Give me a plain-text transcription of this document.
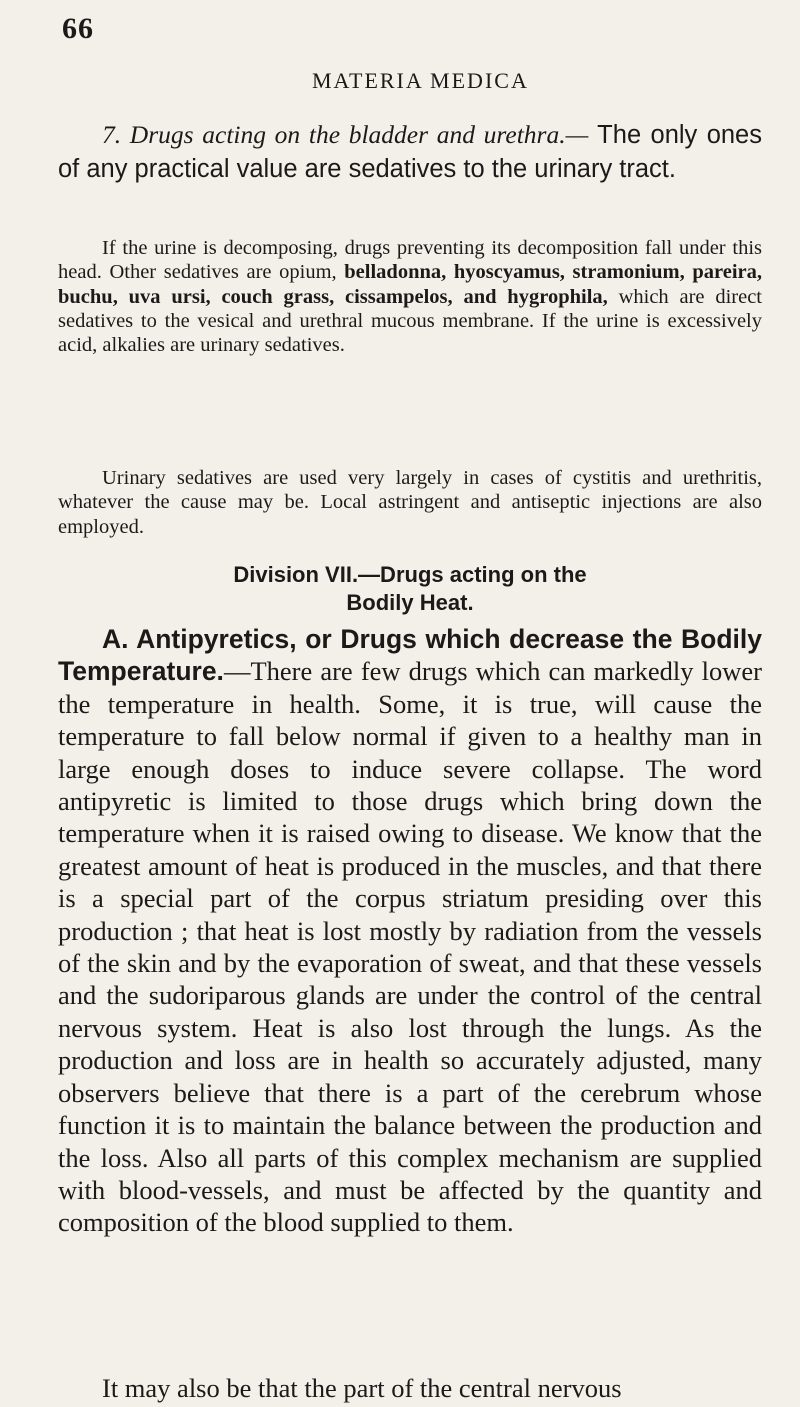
66
MATERIA MEDICA
7. Drugs acting on the bladder and urethra.— The only ones of any practical value are sedatives to the urinary tract.
If the urine is decomposing, drugs preventing its decomposition fall under this head. Other sedatives are opium, belladonna, hyoscyamus, stramonium, pareira, buchu, uva ursi, couch grass, cissampelos, and hygrophila, which are direct sedatives to the vesical and urethral mucous membrane. If the urine is excessively acid, alkalies are urinary sedatives.
Urinary sedatives are used very largely in cases of cystitis and urethritis, whatever the cause may be. Local astringent and antiseptic injections are also employed.
Division VII.—Drugs acting on the
Bodily Heat.
A. Antipyretics, or Drugs which decrease the Bodily Temperature.—There are few drugs which can markedly lower the temperature in health. Some, it is true, will cause the temperature to fall below normal if given to a healthy man in large enough doses to induce severe collapse. The word antipyretic is limited to those drugs which bring down the temperature when it is raised owing to disease. We know that the greatest amount of heat is produced in the muscles, and that there is a special part of the corpus striatum presiding over this production ; that heat is lost mostly by radiation from the vessels of the skin and by the evaporation of sweat, and that these vessels and the sudoriparous glands are under the control of the central nervous system. Heat is also lost through the lungs. As the production and loss are in health so accurately adjusted, many observers believe that there is a part of the cerebrum whose function it is to maintain the balance between the production and the loss. Also all parts of this complex mechanism are supplied with blood-vessels, and must be affected by the quantity and composition of the blood supplied to them.
It may also be that the part of the central nervous
